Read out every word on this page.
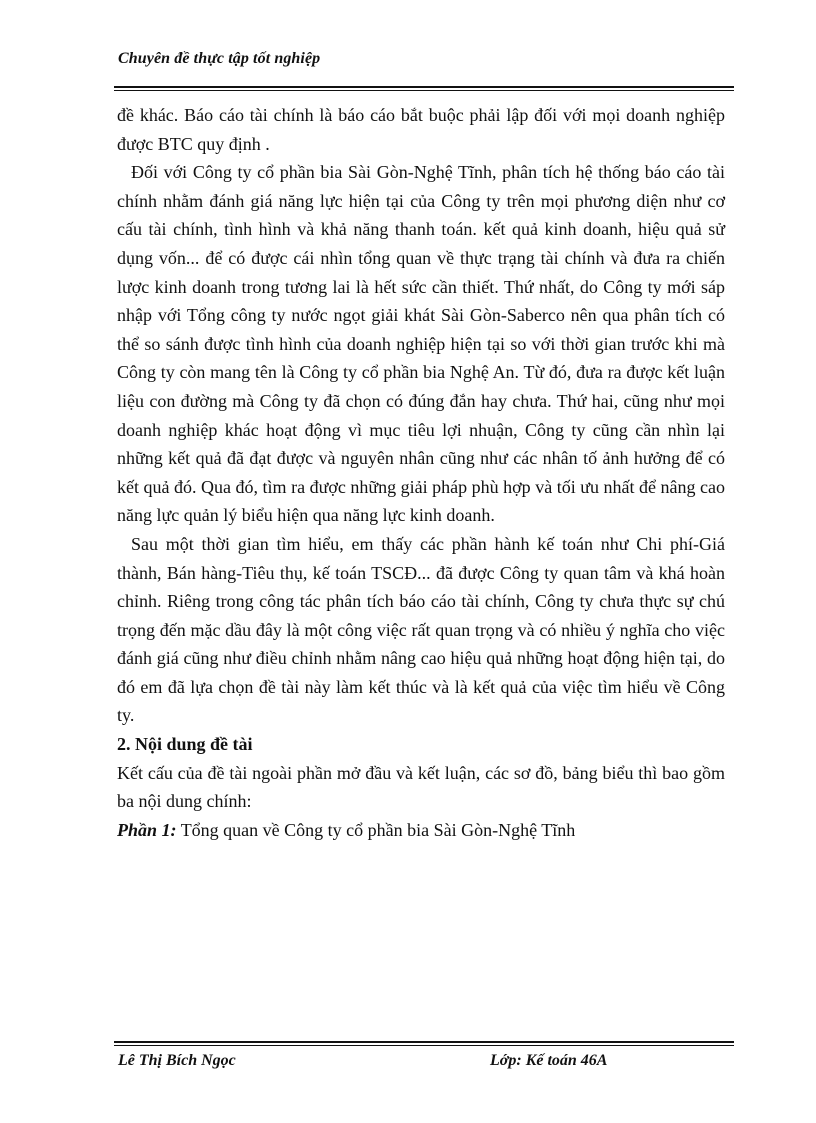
Chuyên đề thực tập tốt nghiệp

đề khác. Báo cáo tài chính là báo cáo bắt buộc phải lập đối với mọi doanh nghiệp được BTC quy định .

Đối với Công ty cổ phần bia Sài Gòn-Nghệ Tĩnh, phân tích hệ thống báo cáo tài chính nhằm đánh giá năng lực hiện tại của Công ty trên mọi phương diện như cơ cấu tài chính, tình hình và khả năng thanh toán. kết quả kinh doanh, hiệu quả sử dụng vốn... để có được cái nhìn tổng quan về thực trạng tài chính và đưa ra chiến lược kinh doanh trong tương lai là hết sức cần thiết. Thứ nhất, do Công ty mới sáp nhập với Tổng công ty nước ngọt giải khát Sài Gòn-Saberco nên qua phân tích có thể so sánh được tình hình của doanh nghiệp hiện tại so với thời gian trước khi mà Công ty còn mang tên là Công ty cổ phần bia Nghệ An. Từ đó, đưa ra được kết luận liệu con đường mà Công ty đã chọn có đúng đắn hay chưa. Thứ hai, cũng như mọi doanh nghiệp khác hoạt động vì mục tiêu lợi nhuận, Công ty cũng cần nhìn lại những kết quả đã đạt được và nguyên nhân cũng như các nhân tố ảnh hưởng để có kết quả đó. Qua đó, tìm ra được những giải pháp phù hợp và tối ưu nhất để nâng cao năng lực quản lý biểu hiện qua năng lực kinh doanh.

Sau một thời gian tìm hiểu, em thấy các phần hành kế toán như Chi phí-Giá thành, Bán hàng-Tiêu thụ, kế toán TSCĐ... đã được Công ty quan tâm và khá hoàn chỉnh. Riêng trong công tác phân tích báo cáo tài chính, Công ty chưa thực sự chú trọng đến mặc dầu đây là một công việc rất quan trọng và có nhiều ý nghĩa cho việc đánh giá cũng như điều chỉnh nhằm nâng cao hiệu quả những hoạt động hiện tại, do đó em đã lựa chọn đề tài này làm kết thúc và là kết quả của việc tìm hiểu về Công ty.

2. Nội dung đề tài

Kết cấu của đề tài ngoài phần mở đầu và kết luận, các sơ đồ, bảng biểu thì bao gồm ba nội dung chính:

Phần 1: Tổng quan về Công ty cổ phần bia Sài Gòn-Nghệ Tĩnh

Lê Thị Bích Ngọc	Lớp: Kế toán 46A
